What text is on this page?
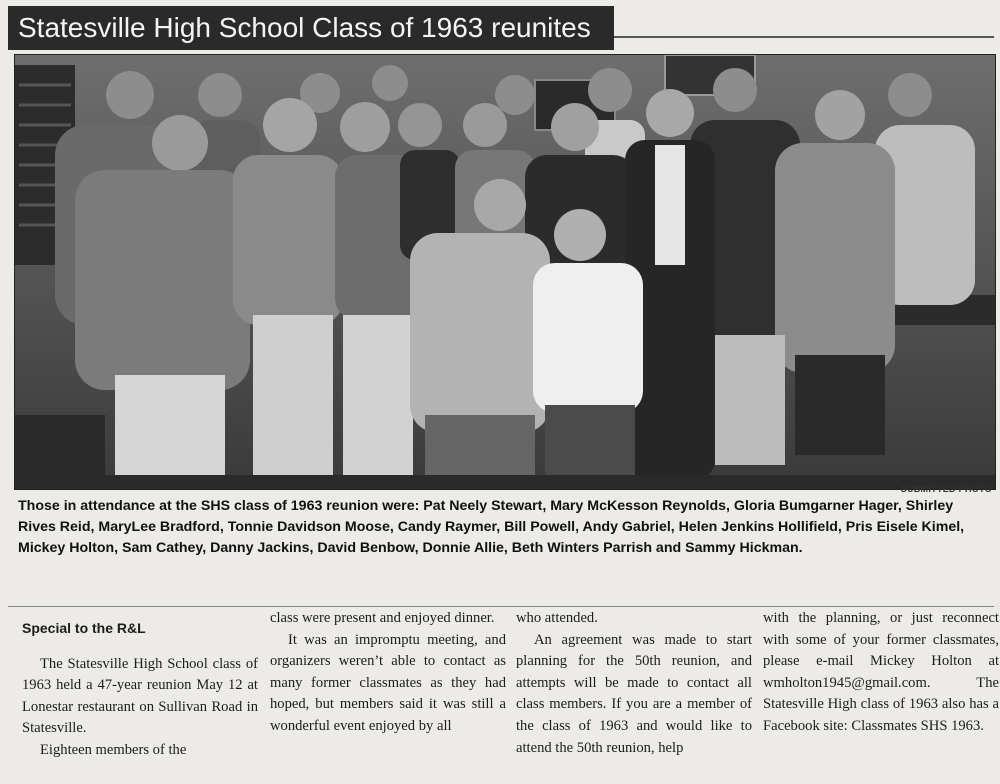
Statesville High School Class of 1963 reunites
SUBMITTED PHOTO
Those in attendance at the SHS class of 1963 reunion were: Pat Neely Stewart, Mary McKesson Reynolds, Gloria Bumgarner Hager, Shirley Rives Reid, MaryLee Bradford, Tonnie Davidson Moose, Candy Raymer, Bill Powell, Andy Gabriel, Helen Jenkins Hollifield, Pris Eisele Kimel, Mickey Holton, Sam Cathey, Danny Jackins, David Benbow, Donnie Allie, Beth Winters Parrish and Sammy Hickman.

Special to the R&L

The Statesville High School class of 1963 held a 47-year reunion May 12 at Lonestar restaurant on Sullivan Road in Statesville.

Eighteen members of the

class were present and enjoyed dinner.

It was an impromptu meeting, and organizers weren’t able to contact as many former classmates as they had hoped, but members said it was still a wonderful event enjoyed by all

who attended.

An agreement was made to start planning for the 50th reunion, and attempts will be made to contact all class members. If you are a member of the class of 1963 and would like to attend the 50th reunion, help

with the planning, or just reconnect with some of your former classmates, please e-mail Mickey Holton at wmholton1945@gmail.com. The Statesville High class of 1963 also has a Facebook site: Classmates SHS 1963.
